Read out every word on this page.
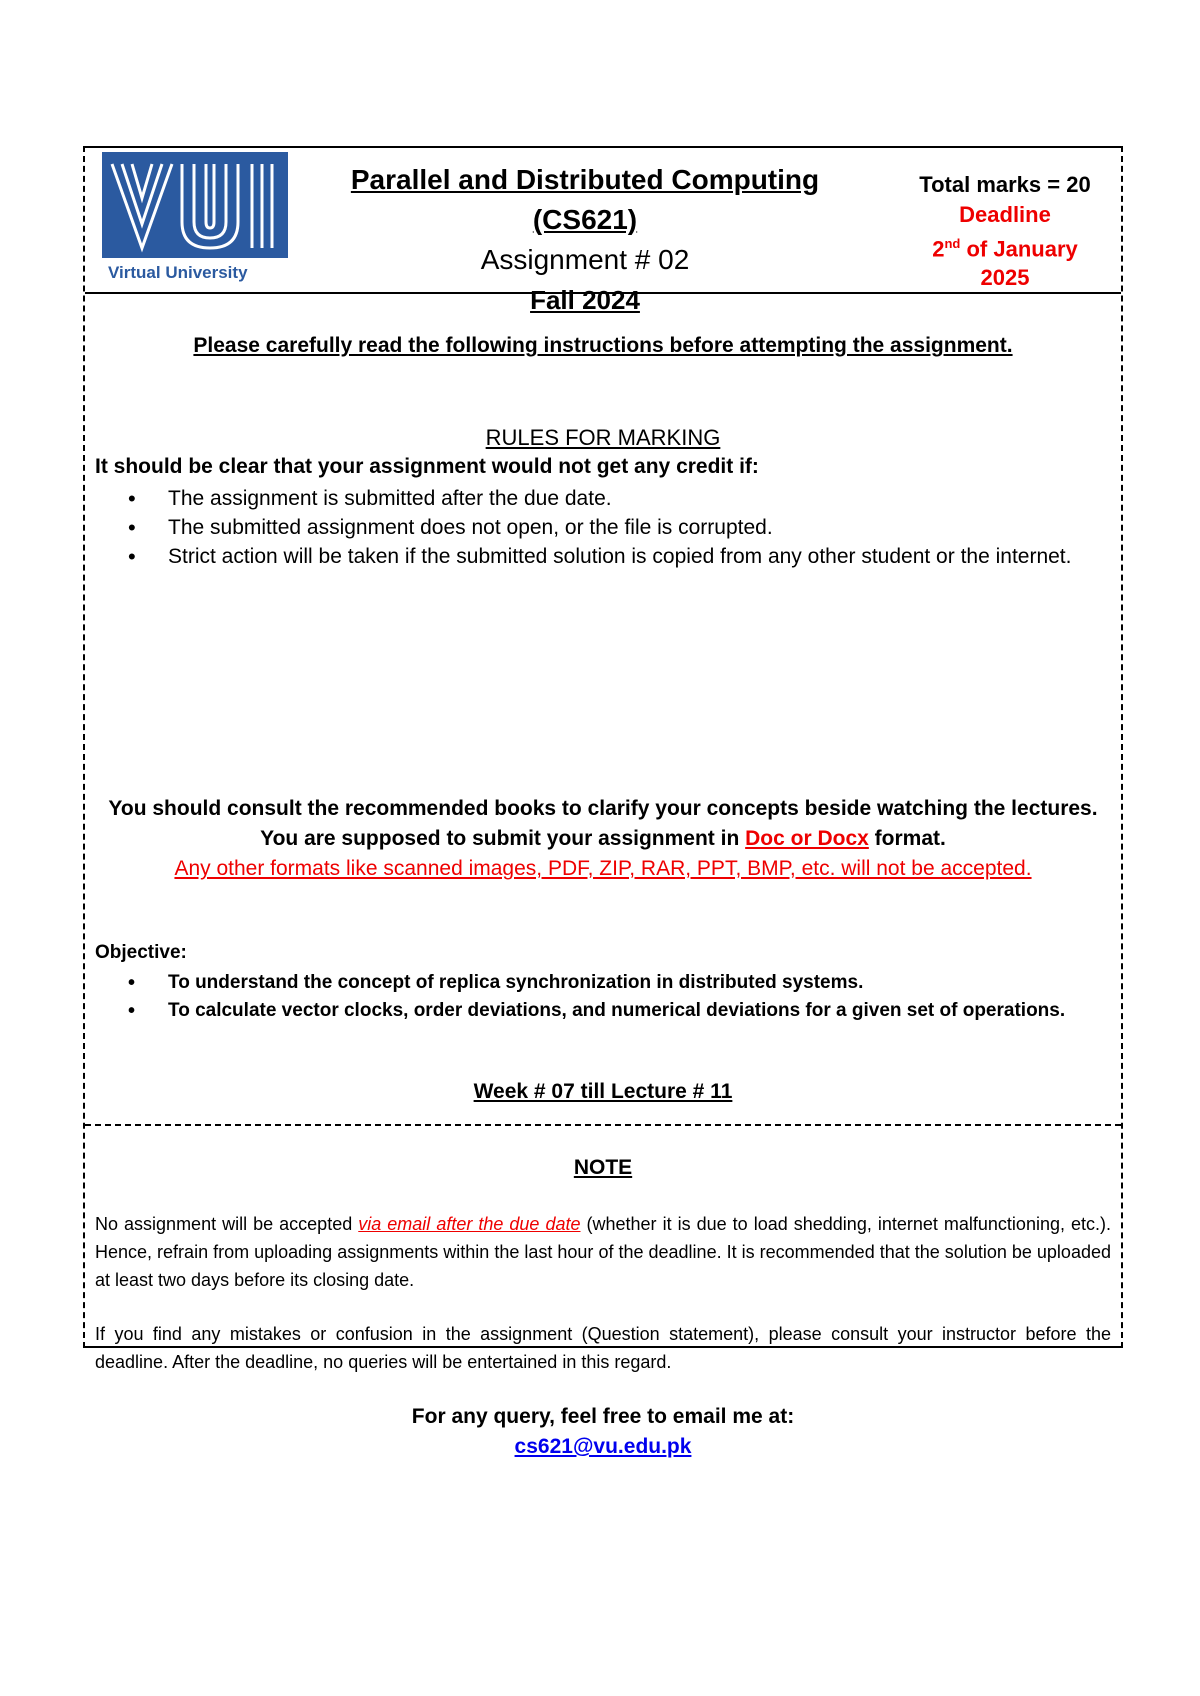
Virtual University
Parallel and Distributed Computing (CS621)
Assignment # 02
Fall 2024
Total marks = 20
Deadline
2nd of January
2025
Please carefully read the following instructions before attempting the assignment.
RULES FOR MARKING
It should be clear that your assignment would not get any credit if:
• The assignment is submitted after the due date.
• The submitted assignment does not open, or the file is corrupted.
• Strict action will be taken if the submitted solution is copied from any other student or the internet.
You should consult the recommended books to clarify your concepts beside watching the lectures.
You are supposed to submit your assignment in Doc or Docx format.
Any other formats like scanned images, PDF, ZIP, RAR, PPT, BMP, etc. will not be accepted.
Objective:
• To understand the concept of replica synchronization in distributed systems.
• To calculate vector clocks, order deviations, and numerical deviations for a given set of operations.
Week # 07 till Lecture # 11
NOTE
No assignment will be accepted via email after the due date (whether it is due to load shedding, internet malfunctioning, etc.). Hence, refrain from uploading assignments within the last hour of the deadline. It is recommended that the solution be uploaded at least two days before its closing date.
If you find any mistakes or confusion in the assignment (Question statement), please consult your instructor before the deadline. After the deadline, no queries will be entertained in this regard.
For any query, feel free to email me at:
cs621@vu.edu.pk
